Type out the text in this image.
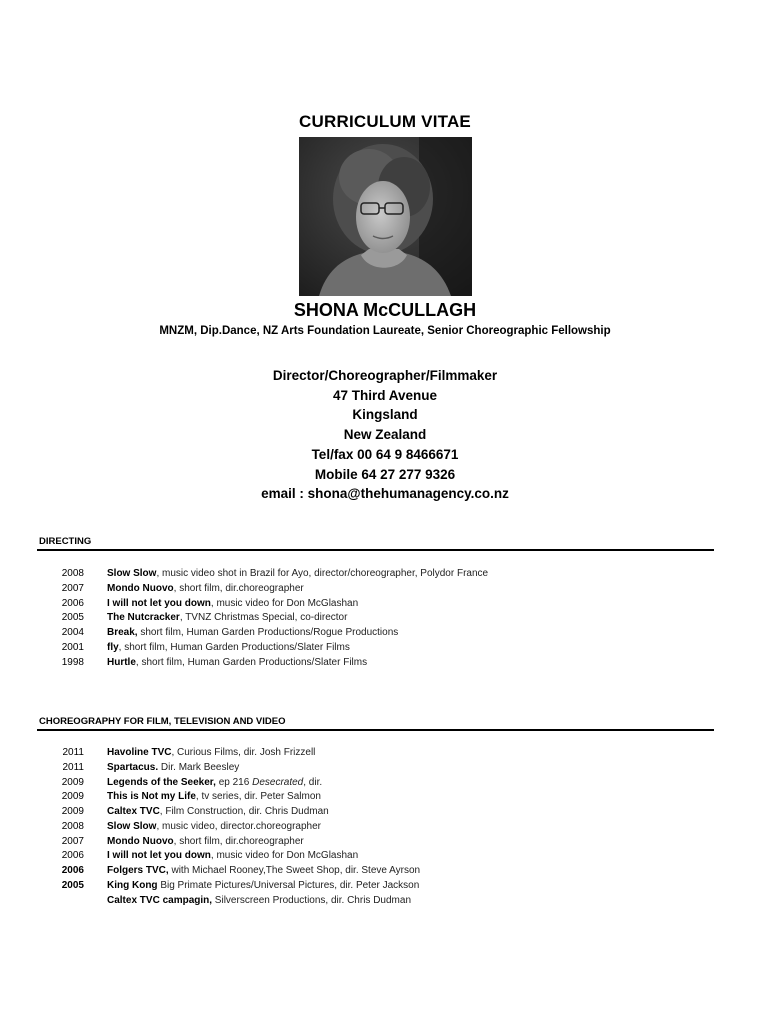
CURRICULUM VITAE
SHONA McCULLAGH
MNZM, Dip.Dance, NZ Arts Foundation Laureate, Senior Choreographic Fellowship
Director/Choreographer/Filmmaker
47 Third Avenue
Kingsland
New Zealand
Tel/fax 00 64 9 8466671
Mobile 64 27 277 9326
email : shona@thehumanagency.co.nz
DIRECTING
2008 Slow Slow, music video shot in Brazil for Ayo, director/choreographer, Polydor France
2007 Mondo Nuovo, short film, dir.choreographer
2006 I will not let you down, music video for Don McGlashan
2005 The Nutcracker, TVNZ Christmas Special, co-director
2004 Break, short film, Human Garden Productions/Rogue Productions
2001 fly, short film, Human Garden Productions/Slater Films
1998 Hurtle, short film, Human Garden Productions/Slater Films
CHOREOGRAPHY FOR FILM, TELEVISION AND VIDEO
2011 Havoline TVC, Curious Films, dir. Josh Frizzell
2011 Spartacus. Dir. Mark Beesley
2009 Legends of the Seeker, ep 216 Desecrated, dir.
2009 This is Not my Life, tv series, dir. Peter Salmon
2009 Caltex TVC, Film Construction, dir. Chris Dudman
2008 Slow Slow, music video, director.choreographer
2007 Mondo Nuovo, short film, dir.choreographer
2006 I will not let you down, music video for Don McGlashan
2006 Folgers TVC, with Michael Rooney,The Sweet Shop, dir. Steve Ayrson
2005 King Kong Big Primate Pictures/Universal Pictures, dir. Peter Jackson
Caltex TVC campagin, Silverscreen Productions, dir. Chris Dudman
